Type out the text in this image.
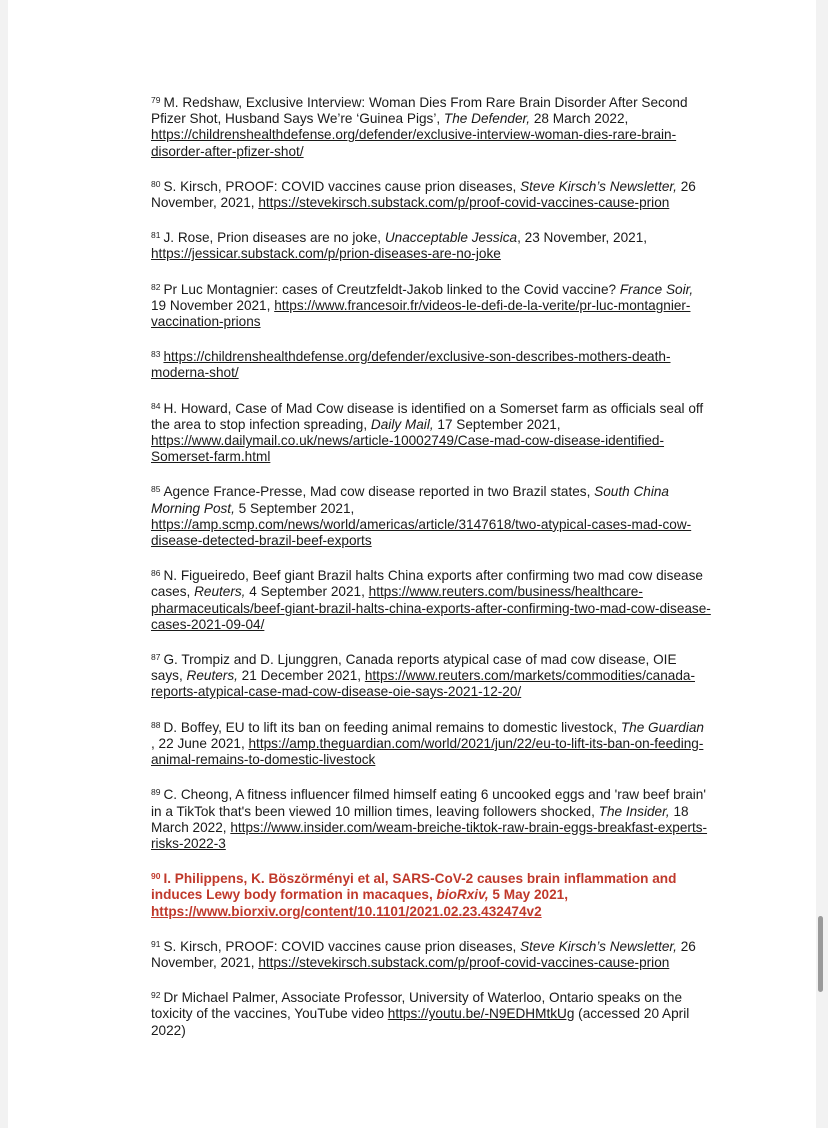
$^{79}$ M. Redshaw, Exclusive Interview: Woman Dies From Rare Brain Disorder After Second Pfizer Shot, Husband Says We’re ‘Guinea Pigs’, The Defender, 28 March 2022, https://childrenshealthdefense.org/defender/exclusive-interview-woman-dies-rare-brain-disorder-after-pfizer-shot/

$^{80}$ S. Kirsch, PROOF: COVID vaccines cause prion diseases, Steve Kirsch’s Newsletter, 26 November, 2021, https://stevekirsch.substack.com/p/proof-covid-vaccines-cause-prion

$^{81}$ J. Rose, Prion diseases are no joke, Unacceptable Jessica, 23 November, 2021, https://jessicar.substack.com/p/prion-diseases-are-no-joke

$^{82}$ Pr Luc Montagnier: cases of Creutzfeldt-Jakob linked to the Covid vaccine? France Soir, 19 November 2021, https://www.francesoir.fr/videos-le-defi-de-la-verite/pr-luc-montagnier-vaccination-prions

$^{83}$ https://childrenshealthdefense.org/defender/exclusive-son-describes-mothers-death-moderna-shot/

$^{84}$ H. Howard, Case of Mad Cow disease is identified on a Somerset farm as officials seal off the area to stop infection spreading, Daily Mail, 17 September 2021, https://www.dailymail.co.uk/news/article-10002749/Case-mad-cow-disease-identified-Somerset-farm.html

$^{85}$ Agence France-Presse, Mad cow disease reported in two Brazil states, South China Morning Post, 5 September 2021, https://amp.scmp.com/news/world/americas/article/3147618/two-atypical-cases-mad-cow-disease-detected-brazil-beef-exports

$^{86}$ N. Figueiredo, Beef giant Brazil halts China exports after confirming two mad cow disease cases, Reuters, 4 September 2021, https://www.reuters.com/business/healthcare-pharmaceuticals/beef-giant-brazil-halts-china-exports-after-confirming-two-mad-cow-disease-cases-2021-09-04/

$^{87}$ G. Trompiz and D. Ljunggren, Canada reports atypical case of mad cow disease, OIE says, Reuters, 21 December 2021, https://www.reuters.com/markets/commodities/canada-reports-atypical-case-mad-cow-disease-oie-says-2021-12-20/

$^{88}$ D. Boffey, EU to lift its ban on feeding animal remains to domestic livestock, The Guardian , 22 June 2021, https://amp.theguardian.com/world/2021/jun/22/eu-to-lift-its-ban-on-feeding-animal-remains-to-domestic-livestock

$^{89}$ C. Cheong, A fitness influencer filmed himself eating 6 uncooked eggs and 'raw beef brain' in a TikTok that's been viewed 10 million times, leaving followers shocked, The Insider, 18 March 2022, https://www.insider.com/weam-breiche-tiktok-raw-brain-eggs-breakfast-experts-risks-2022-3

$^{90}$ I. Philippens, K. Böszörményi et al, SARS-CoV-2 causes brain inflammation and induces Lewy body formation in macaques, bioRxiv, 5 May 2021, https://www.biorxiv.org/content/10.1101/2021.02.23.432474v2

$^{91}$ S. Kirsch, PROOF: COVID vaccines cause prion diseases, Steve Kirsch’s Newsletter, 26 November, 2021, https://stevekirsch.substack.com/p/proof-covid-vaccines-cause-prion

$^{92}$ Dr Michael Palmer, Associate Professor, University of Waterloo, Ontario speaks on the toxicity of the vaccines, YouTube video https://youtu.be/-N9EDHMtkUg (accessed 20 April 2022)
